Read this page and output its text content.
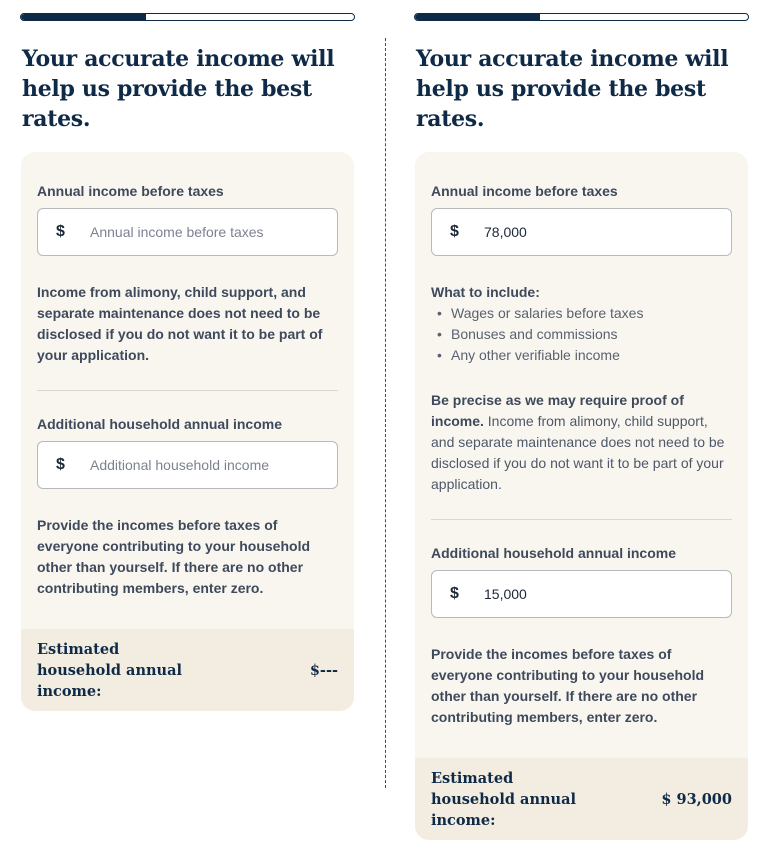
Your accurate income will help us provide the best rates.
Annual income before taxes
$
Annual income before taxes

Income from alimony, child support, and separate maintenance does not need to be disclosed if you do not want it to be part of your application.

Additional household annual income
$
Additional household income

Provide the incomes before taxes of everyone contributing to your household other than yourself. If there are no other contributing members, enter zero.

Estimated household annual income:
$---
Your accurate income will help us provide the best rates.
Annual income before taxes
$
78,000
What to include:
• Wages or salaries before taxes
• Bonuses and commissions
• Any other verifiable income

Be precise as we may require proof of income. Income from alimony, child support, and separate maintenance does not need to be disclosed if you do not want it to be part of your application.

Additional household annual income
$
15,000

Provide the incomes before taxes of everyone contributing to your household other than yourself. If there are no other contributing members, enter zero.

Estimated household annual income:
$ 93,000
